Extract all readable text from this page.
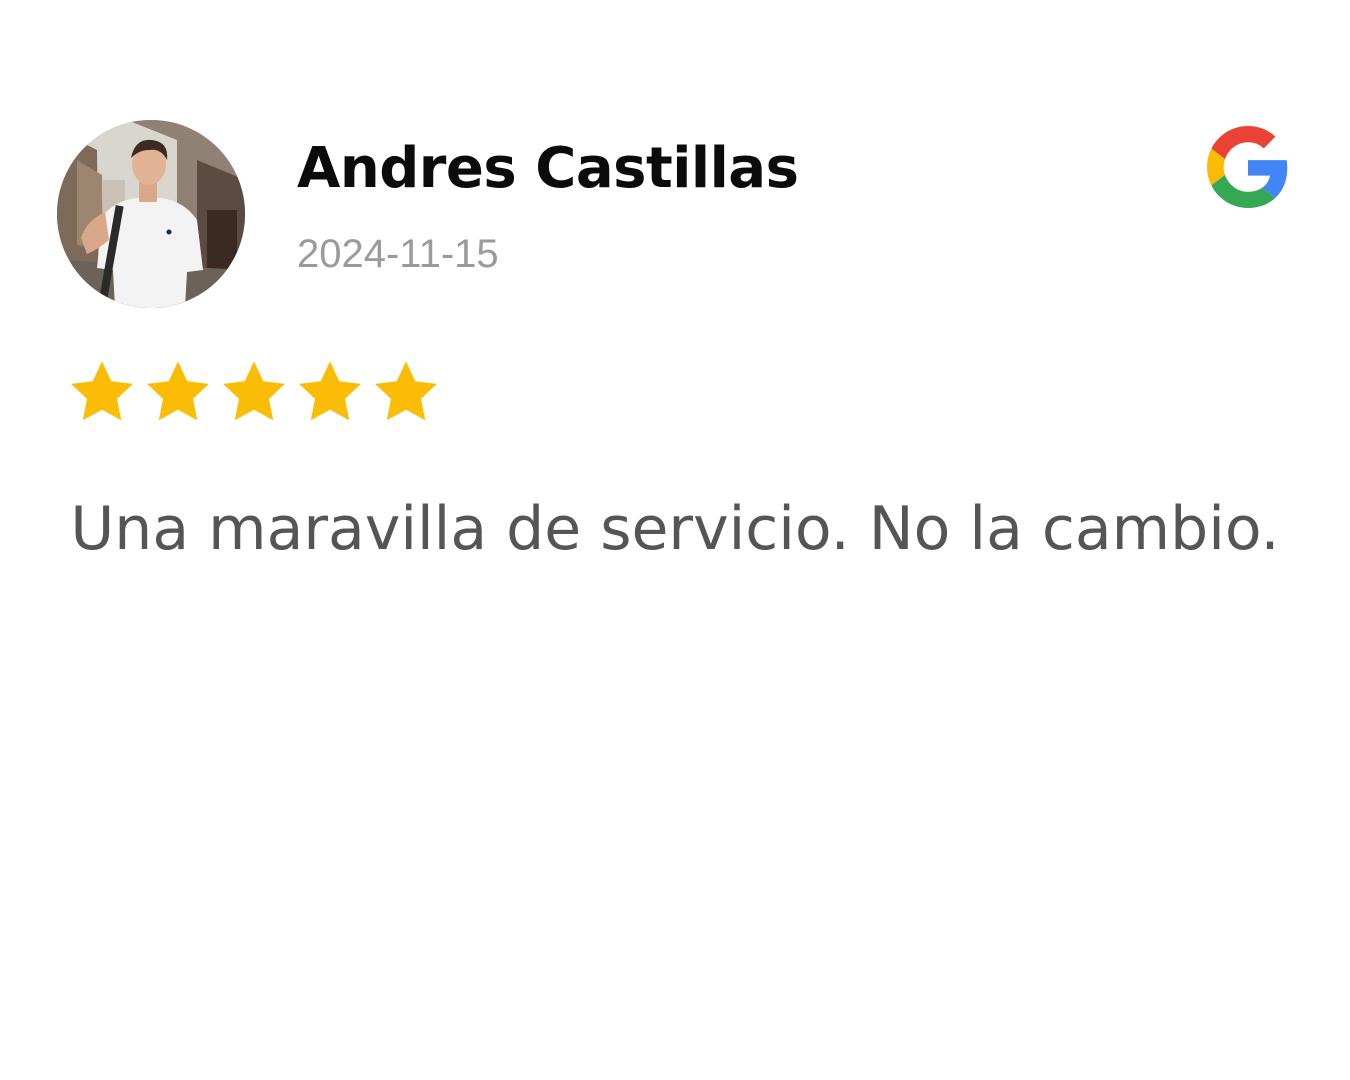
Andres Castillas
2024-11-15
Una maravilla de servicio. No la cambio.
